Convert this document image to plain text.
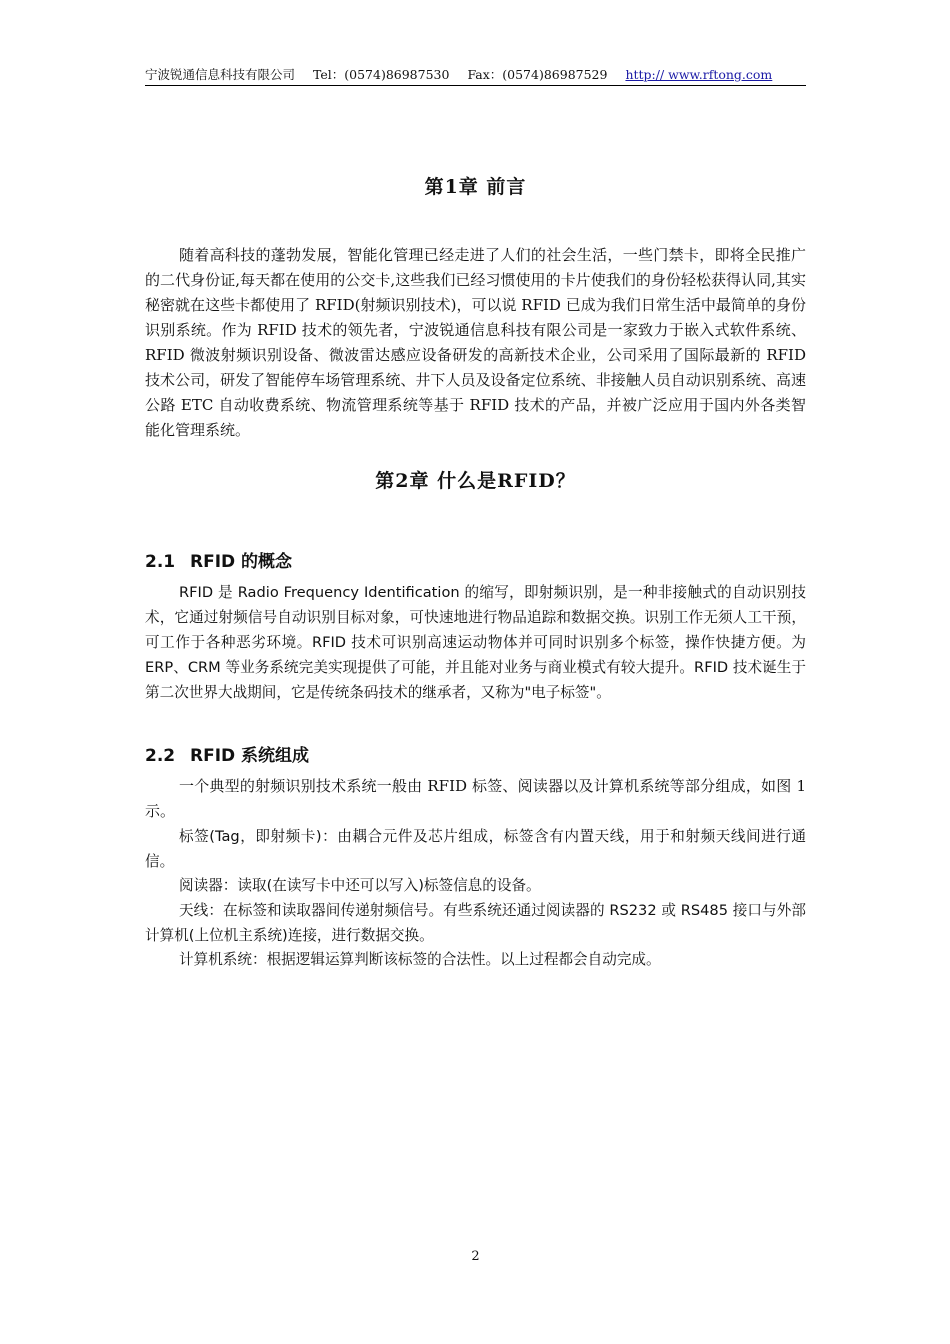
宁波锐通信息科技有限公司 Tel：(0574)86987530 Fax：(0574)86987529 http:// www.rftong.com
第1章 前言
随着高科技的蓬勃发展，智能化管理已经走进了人们的社会生活，一些门禁卡，即将全民推广的二代身份证,每天都在使用的公交卡,这些我们已经习惯使用的卡片使我们的身份轻松获得认同,其实秘密就在这些卡都使用了 RFID(射频识别技术)，可以说 RFID 已成为我们日常生活中最简单的身份识别系统。作为 RFID 技术的领先者，宁波锐通信息科技有限公司是一家致力于嵌入式软件系统、RFID 微波射频识别设备、微波雷达感应设备研发的高新技术企业，公司采用了国际最新的 RFID 技术公司，研发了智能停车场管理系统、井下人员及设备定位系统、非接触人员自动识别系统、高速公路 ETC 自动收费系统、物流管理系统等基于 RFID 技术的产品，并被广泛应用于国内外各类智能化管理系统。
第2章 什么是RFID？
2.1 RFID 的概念
RFID 是 Radio Frequency Identification 的缩写，即射频识别，是一种非接触式的自动识别技术，它通过射频信号自动识别目标对象，可快速地进行物品追踪和数据交换。识别工作无须人工干预，可工作于各种恶劣环境。RFID 技术可识别高速运动物体并可同时识别多个标签，操作快捷方便。为 ERP、CRM 等业务系统完美实现提供了可能，并且能对业务与商业模式有较大提升。RFID 技术诞生于第二次世界大战期间，它是传统条码技术的继承者，又称为"电子标签"。
2.2 RFID 系统组成
一个典型的射频识别技术系统一般由 RFID 标签、阅读器以及计算机系统等部分组成，如图 1 示。
标签(Tag，即射频卡)：由耦合元件及芯片组成，标签含有内置天线，用于和射频天线间进行通信。
阅读器：读取(在读写卡中还可以写入)标签信息的设备。
天线：在标签和读取器间传递射频信号。有些系统还通过阅读器的 RS232 或 RS485 接口与外部计算机(上位机主系统)连接，进行数据交换。
计算机系统：根据逻辑运算判断该标签的合法性。以上过程都会自动完成。
2
